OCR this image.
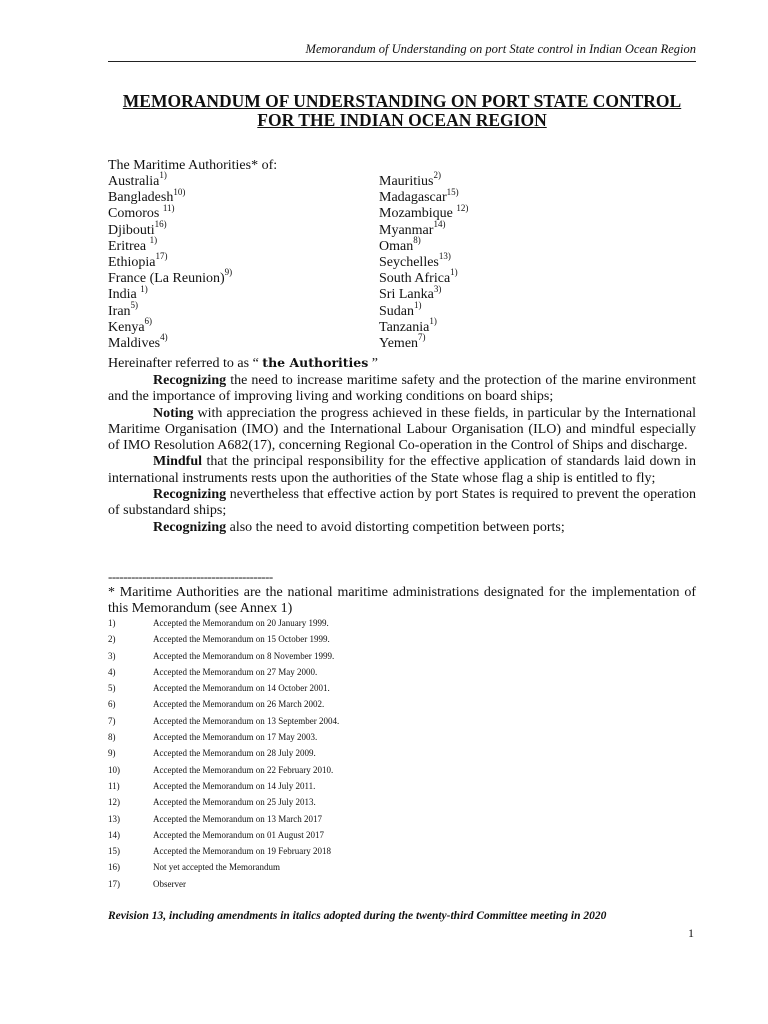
Memorandum of Understanding on port State control in Indian Ocean Region
MEMORANDUM OF UNDERSTANDING ON PORT STATE CONTROL
FOR THE INDIAN OCEAN REGION
The Maritime Authorities* of:
Australia$^{1)}$	Mauritius$^{2)}$
Bangladesh$^{10)}$	Madagascar$^{15)}$
Comoros $^{11)}$	Mozambique $^{12)}$
Djibouti$^{16)}$	Myanmar$^{14)}$
Eritrea $^{1)}$	Oman$^{8)}$
Ethiopia$^{17)}$	Seychelles$^{13)}$
France (La Reunion)$^{9)}$	South Africa$^{1)}$
India $^{1)}$	Sri Lanka$^{3)}$
Iran$^{5)}$	Sudan$^{1)}$
Kenya$^{6)}$	Tanzania$^{1)}$
Maldives$^{4)}$	Yemen$^{7)}$
Hereinafter referred to as “ the Authorities ”

Recognizing the need to increase maritime safety and the protection of the marine environment and the importance of improving living and working conditions on board ships;

Noting with appreciation the progress achieved in these fields, in particular by the International Maritime Organisation (IMO) and the International Labour Organisation (ILO) and mindful especially of IMO Resolution A682(17), concerning Regional Co-operation in the Control of Ships and discharge.

Mindful that the principal responsibility for the effective application of standards laid down in international instruments rests upon the authorities of the State whose flag a ship is entitled to fly;

Recognizing nevertheless that effective action by port States is required to prevent the operation of substandard ships;

Recognizing also the need to avoid distorting competition between ports;

-------------------------------------------
* Maritime Authorities are the national maritime administrations designated for the implementation of this Memorandum (see Annex 1)
1)	Accepted the Memorandum on 20 January 1999.
2)	Accepted the Memorandum on 15 October 1999.
3)	Accepted the Memorandum on 8 November 1999.
4)	Accepted the Memorandum on 27 May 2000.
5)	Accepted the Memorandum on 14 October 2001.
6)	Accepted the Memorandum on 26 March 2002.
7)	Accepted the Memorandum on 13 September 2004.
8)	Accepted the Memorandum on 17 May 2003.
9)	Accepted the Memorandum on 28 July 2009.
10)	Accepted the Memorandum on 22 February 2010.
11)	Accepted the Memorandum on 14 July 2011.
12)	Accepted the Memorandum on 25 July 2013.
13)	Accepted the Memorandum on 13 March 2017
14)	Accepted the Memorandum on 01 August 2017
15)	Accepted the Memorandum on 19 February 2018
16)	Not yet accepted the Memorandum
17)	Observer
Revision 13, including amendments in italics adopted during the twenty-third Committee meeting in 2020
1
